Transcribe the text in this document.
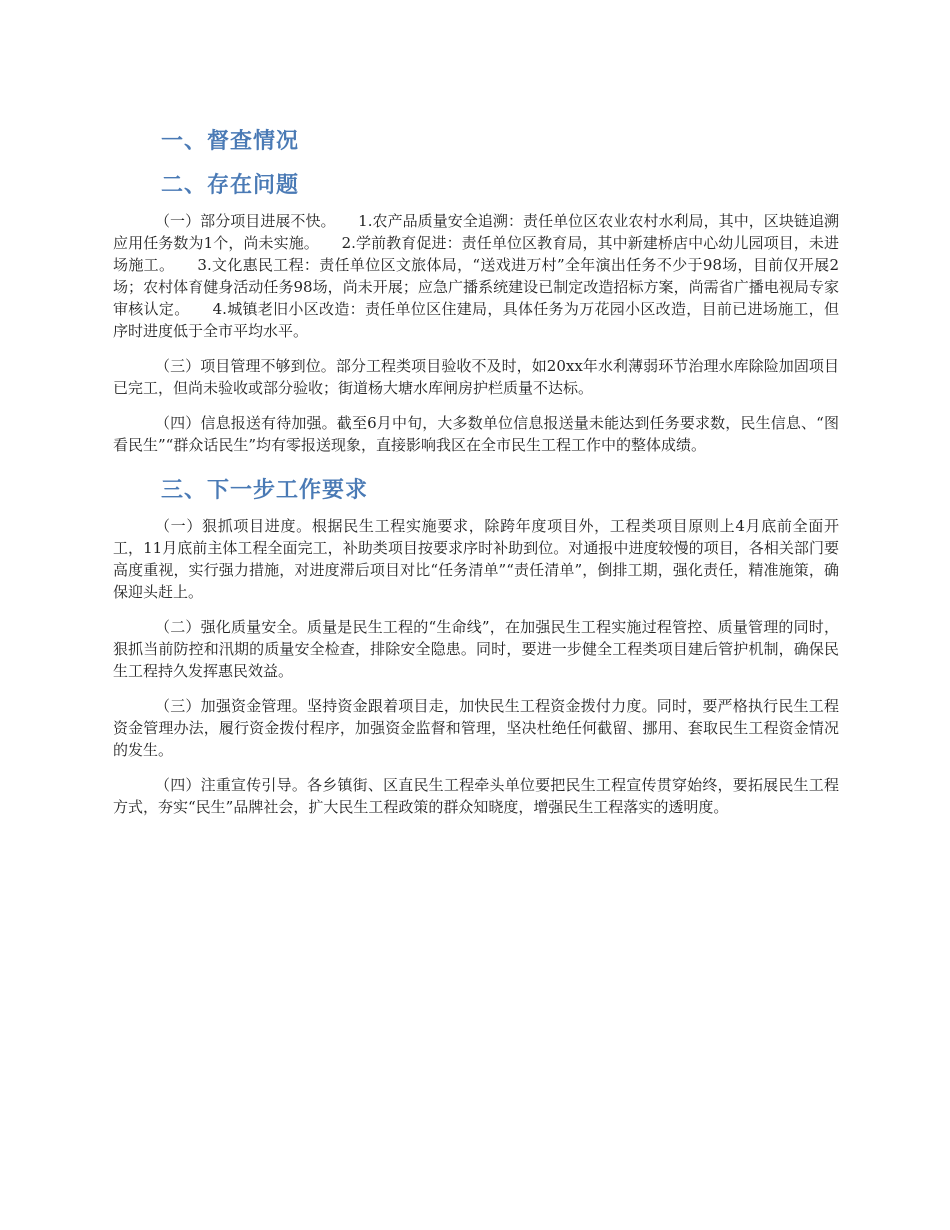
一、督查情况
二、存在问题

（一）部分项目进展不快。　　1.农产品质量安全追溯：责任单位区农业农村水利局，其中，区块链追溯应用任务数为1个，尚未实施。　　2.学前教育促进：责任单位区教育局，其中新建桥店中心幼儿园项目，未进场施工。　　3.文化惠民工程：责任单位区文旅体局，“送戏进万村”全年演出任务不少于98场，目前仅开展2场；农村体育健身活动任务98场，尚未开展；应急广播系统建设已制定改造招标方案，尚需省广播电视局专家审核认定。　　4.城镇老旧小区改造：责任单位区住建局，具体任务为万花园小区改造，目前已进场施工，但序时进度低于全市平均水平。

（三）项目管理不够到位。部分工程类项目验收不及时，如20xx年水利薄弱环节治理水库除险加固项目已完工，但尚未验收或部分验收；街道杨大塘水库闸房护栏质量不达标。

（四）信息报送有待加强。截至6月中旬，大多数单位信息报送量未能达到任务要求数，民生信息、“图看民生”“群众话民生”均有零报送现象，直接影响我区在全市民生工程工作中的整体成绩。

三、下一步工作要求

（一）狠抓项目进度。根据民生工程实施要求，除跨年度项目外，工程类项目原则上4月底前全面开工，11月底前主体工程全面完工，补助类项目按要求序时补助到位。对通报中进度较慢的项目，各相关部门要高度重视，实行强力措施，对进度滞后项目对比“任务清单”“责任清单”，倒排工期，强化责任，精准施策，确保迎头赶上。

（二）强化质量安全。质量是民生工程的“生命线”，在加强民生工程实施过程管控、质量管理的同时，狠抓当前防控和汛期的质量安全检查，排除安全隐患。同时，要进一步健全工程类项目建后管护机制，确保民生工程持久发挥惠民效益。

（三）加强资金管理。坚持资金跟着项目走，加快民生工程资金拨付力度。同时，要严格执行民生工程资金管理办法，履行资金拨付程序，加强资金监督和管理，坚决杜绝任何截留、挪用、套取民生工程资金情况的发生。

（四）注重宣传引导。各乡镇街、区直民生工程牵头单位要把民生工程宣传贯穿始终，要拓展民生工程方式，夯实“民生”品牌社会，扩大民生工程政策的群众知晓度，增强民生工程落实的透明度。
